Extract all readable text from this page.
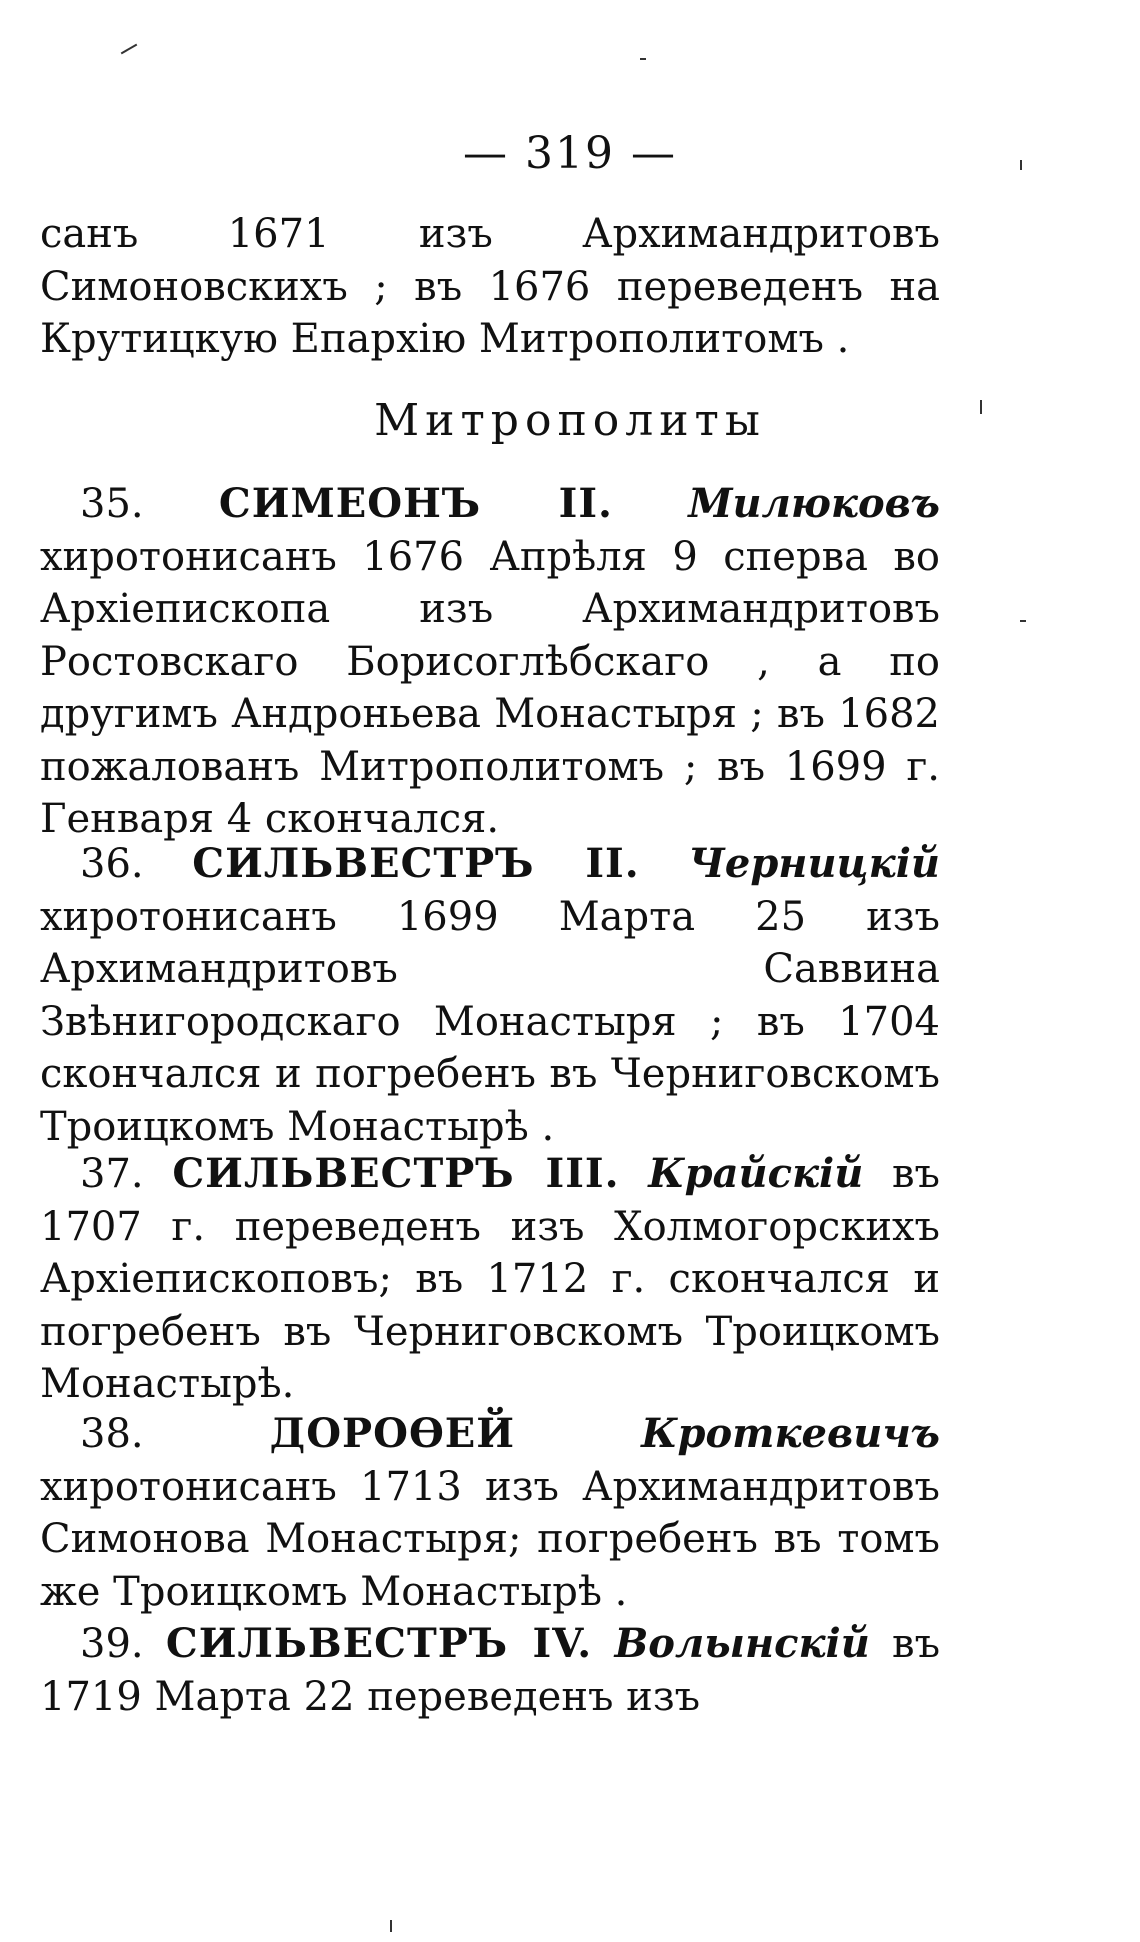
— 319 —
санъ 1671 изъ Архимандритовъ Симоновскихъ ; въ 1676 переведенъ на Крутицкую Епархію Митрополитомъ .
Митрополиты
35. СИМЕОНЪ II. Милюковъ хиротонисанъ 1676 Апрѣля 9 сперва во Архіепископа изъ Архимандритовъ Ростовскаго Борисоглѣбскаго , а по другимъ Андроньева Монастыря ; въ 1682 пожалованъ Митрополитомъ ; въ 1699 г. Генваря 4 скончался.
36. СИЛЬВЕСТРЪ II. Черницкій хиротонисанъ 1699 Марта 25 изъ Архимандритовъ Саввина Звѣнигородскаго Монастыря ; въ 1704 скончался и погребенъ въ Черниговскомъ Троицкомъ Монастырѣ .
37. СИЛЬВЕСТРЪ III. Крайскій въ 1707 г. переведенъ изъ Холмогорскихъ Архіепископовъ; въ 1712 г. скончался и погребенъ въ Черниговскомъ Троицкомъ Монастырѣ.
38.	ДОРОѲЕЙ	Кроткевичъ хиротонисанъ 1713 изъ Архимандритовъ Симонова Монастыря; погребенъ въ томъ же Троицкомъ Монастырѣ .
39. СИЛЬВЕСТРЪ IV. Волынскій въ 1719 Марта 22 переведенъ изъ
